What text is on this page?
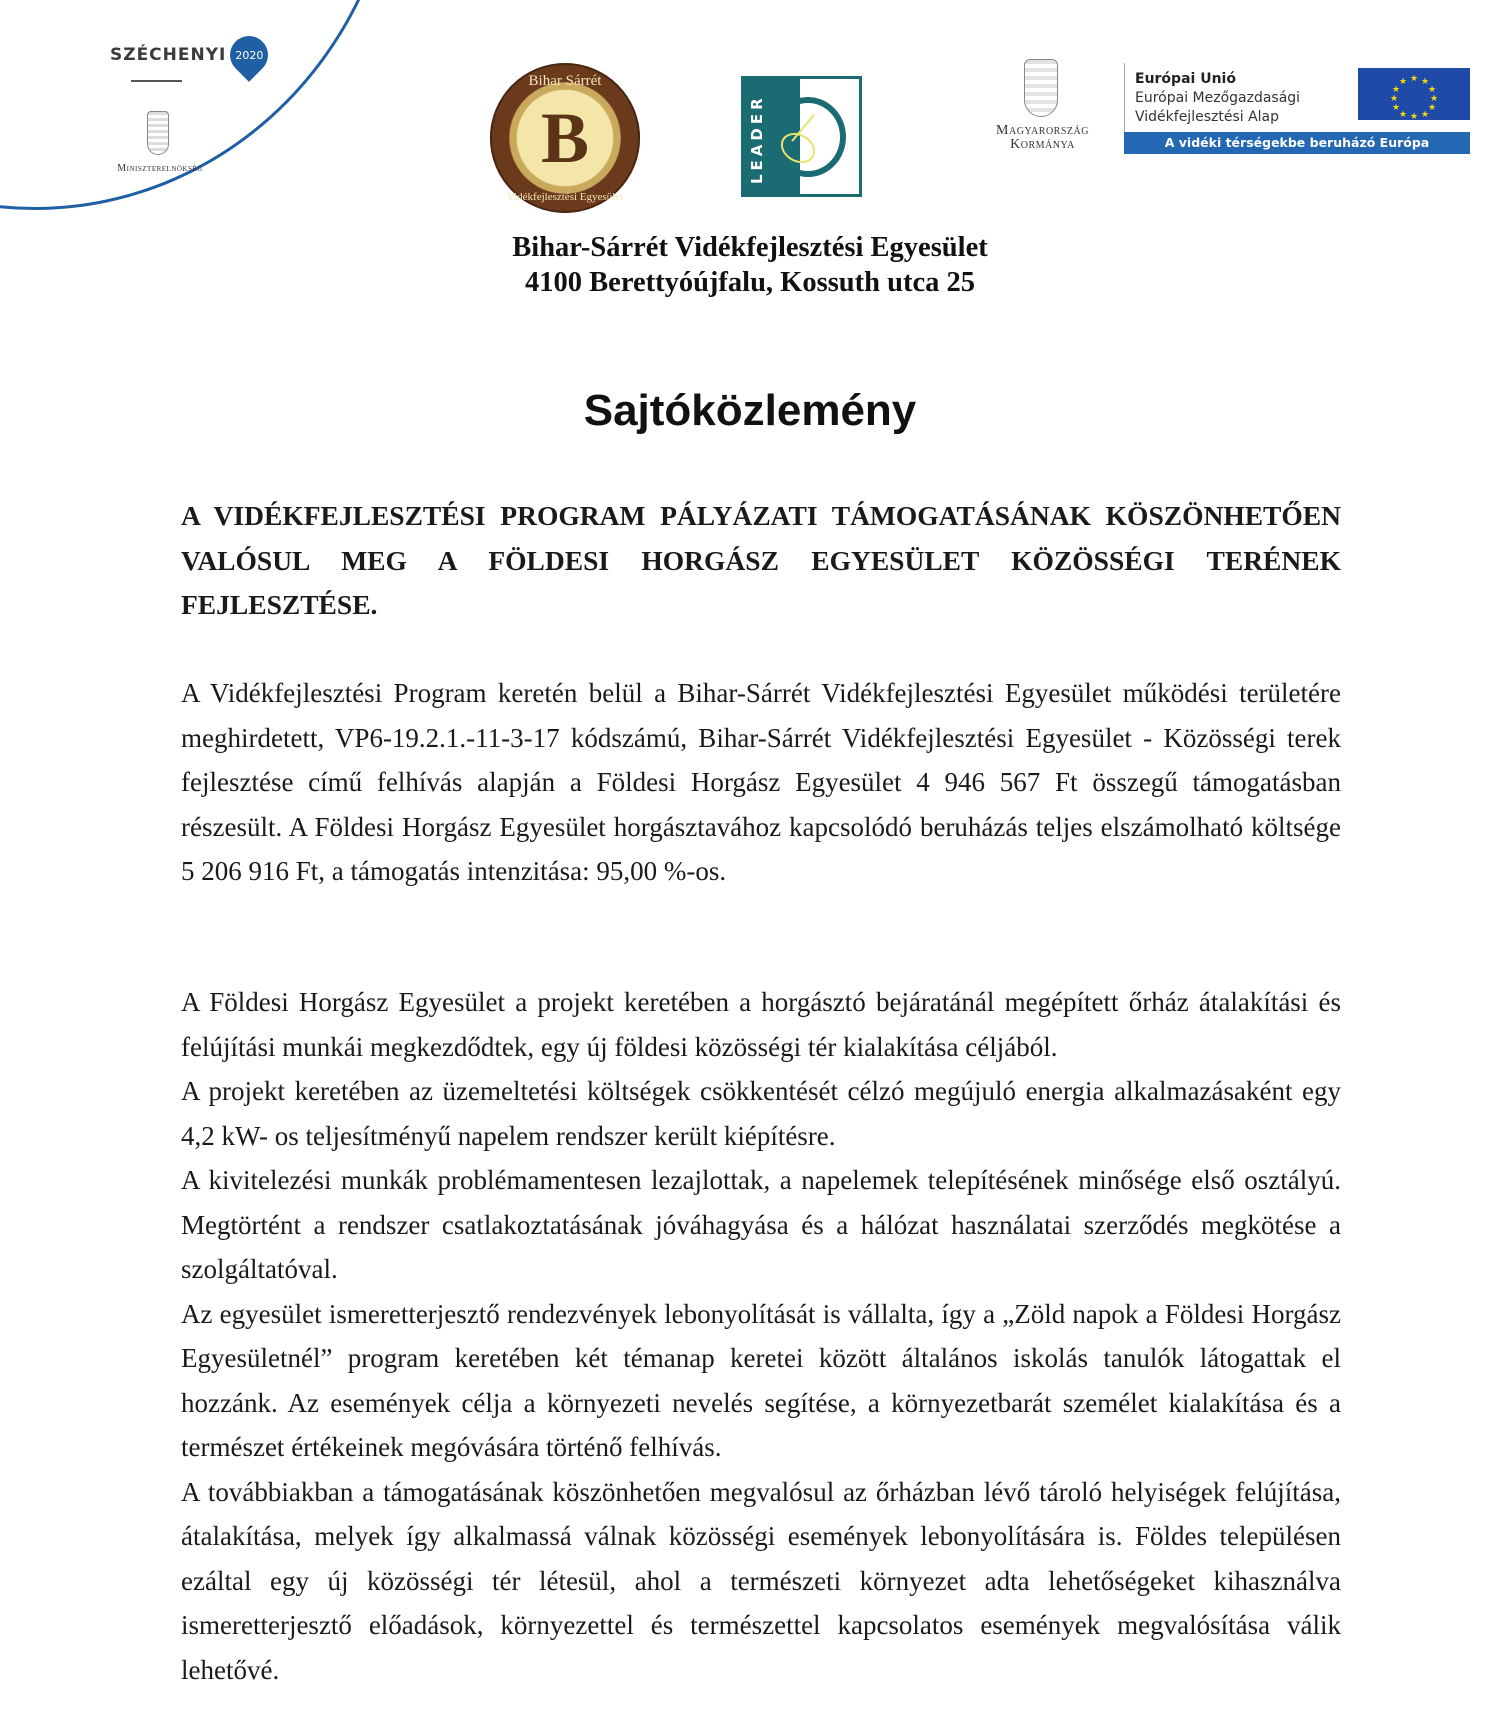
SZÉCHENYI 2020
Miniszterelnökség
Bihar Sárrét
B
Vidékfejlesztési Egyesület
LEADER	Magyarország
Kormánya
Európai Unió
Európai Mezőgazdasági
Vidékfejlesztési Alap
★ ★
★
★
★
★
★
★
★
★
★
★
A vidéki térségekbe beruházó Európa
Bihar-Sárrét Vidékfejlesztési Egyesület
4100 Berettyóújfalu, Kossuth utca 25
Sajtóközlemény

A VIDÉKFEJLESZTÉSI PROGRAM PÁLYÁZATI TÁMOGATÁSÁNAK KÖSZÖNHETŐEN VALÓSUL MEG A FÖLDESI HORGÁSZ EGYESÜLET KÖZÖSSÉGI TERÉNEK FEJLESZTÉSE.

A Vidékfejlesztési Program keretén belül a Bihar-Sárrét Vidékfejlesztési Egyesület működési területére meghirdetett, VP6-19.2.1.-11-3-17 kódszámú, Bihar-Sárrét Vidékfejlesztési Egyesület - Közösségi terek fejlesztése című felhívás alapján a Földesi Horgász Egyesület 4 946 567 Ft összegű támogatásban részesült. A Földesi Horgász Egyesület horgásztavához kapcsolódó beruházás teljes elszámolható költsége 5 206 916 Ft, a támogatás intenzitása: 95,00 %-os.

A Földesi Horgász Egyesület a projekt keretében a horgásztó bejáratánál megépített őrház átalakítási és felújítási munkái megkezdődtek, egy új földesi közösségi tér kialakítása céljából.

A projekt keretében az üzemeltetési költségek csökkentését célzó megújuló energia alkalmazásaként egy 4,2 kW- os teljesítményű napelem rendszer került kiépítésre.

A kivitelezési munkák problémamentesen lezajlottak, a napelemek telepítésének minősége első osztályú. Megtörtént a rendszer csatlakoztatásának jóváhagyása és a hálózat használatai szerződés megkötése a szolgáltatóval.

Az egyesület ismeretterjesztő rendezvények lebonyolítását is vállalta, így a „Zöld napok a Földesi Horgász Egyesületnél” program keretében két témanap keretei között általános iskolás tanulók látogattak el hozzánk. Az események célja a környezeti nevelés segítése, a környezetbarát személet kialakítása és a természet értékeinek megóvására történő felhívás.

A továbbiakban a támogatásának köszönhetően megvalósul az őrházban lévő tároló helyiségek felújítása, átalakítása, melyek így alkalmassá válnak közösségi események lebonyolítására is. Földes településen ezáltal egy új közösségi tér létesül, ahol a természeti környezet adta lehetőségeket kihasználva ismeretterjesztő előadások, környezettel és természettel kapcsolatos események megvalósítása válik lehetővé.
